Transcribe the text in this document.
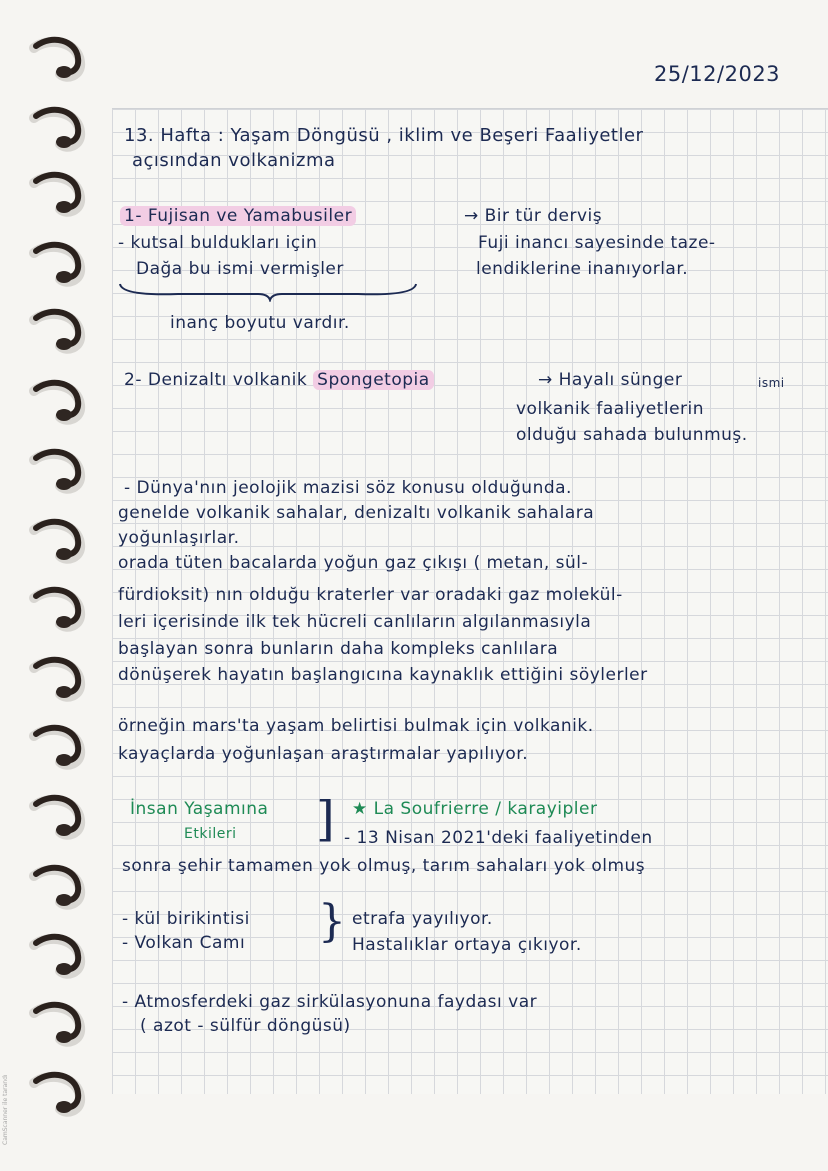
CamScanner ile tarandı
25/12/2023
13. Hafta : Yaşam Döngüsü , iklim ve Beşeri Faaliyetler
açısından volkanizma
1- Fujisan ve Yamabusiler	→ Bir tür derviş
- kutsal buldukları için
Dağa bu ismi vermişler
Fuji inancı sayesinde taze-
lendiklerine inanıyorlar.
inanç boyutu vardır.
2- Denizaltı volkanik Spongetopia	→ Hayalı sünger	ismi
volkanik faaliyetlerin
olduğu sahada bulunmuş.
- Dünya'nın jeolojik mazisi söz konusu olduğunda.
genelde volkanik sahalar, denizaltı volkanik sahalara
yoğunlaşırlar.
orada tüten bacalarda yoğun gaz çıkışı ( metan, sül-
fürdioksit) nın olduğu kraterler var oradaki gaz molekül-
leri içerisinde ilk tek hücreli canlıların algılanmasıyla
başlayan sonra bunların daha kompleks canlılara
dönüşerek hayatın başlangıcına kaynaklık ettiğini söylerler
örneğin mars'ta yaşam belirtisi bulmak için volkanik.
kayaçlarda yoğunlaşan araştırmalar yapılıyor.
İnsan Yaşamına
Etkileri ] ★ La Soufrierre / karayipler
- 13 Nisan 2021'deki faaliyetinden
sonra şehir tamamen yok olmuş, tarım sahaları yok olmuş
- kül birikintisi
- Volkan Camı } etrafa yayılıyor.
Hastalıklar ortaya çıkıyor.
- Atmosferdeki gaz sirkülasyonuna faydası var
( azot - sülfür döngüsü)
